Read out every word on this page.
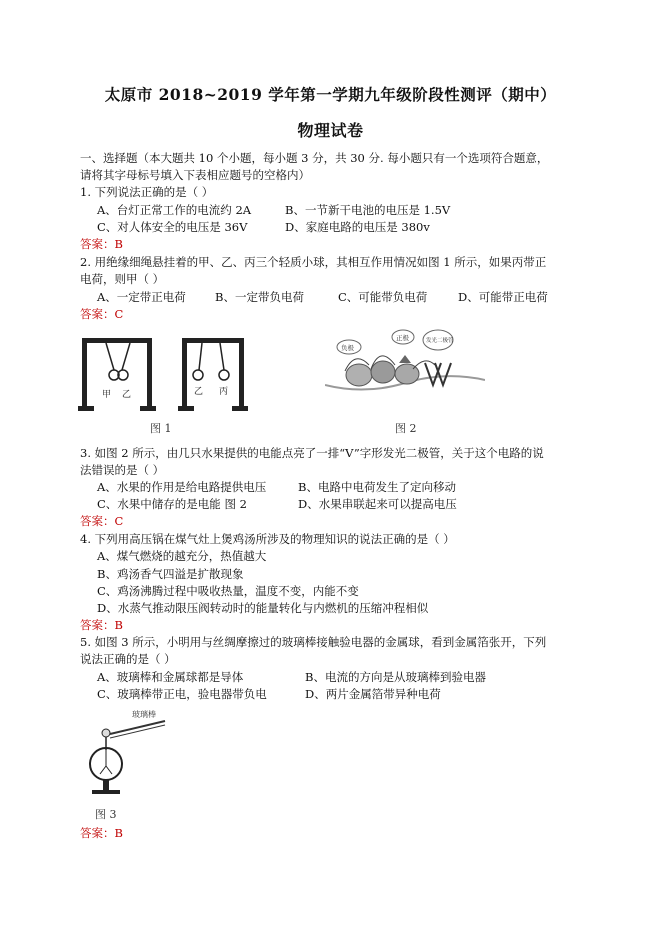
太原市 2018~2019 学年第一学期九年级阶段性测评（期中）
物理试卷
一、选择题（本大题共 10 个小题，每小题 3 分，共 30 分. 每小题只有一个选项符合题意，
请将其字母标号填入下表相应题号的空格内）
1. 下列说法正确的是（ ）
A、台灯正常工作的电流约 2A	B、一节新干电池的电压是 1.5V
C、对人体安全的电压是 36V	D、家庭电路的电压是 380v
答案：B
2. 用绝缘细绳悬挂着的甲、乙、丙三个轻质小球，其相互作用情况如图 1 所示，如果丙带正
电荷，则甲（ ）
A、一定带正电荷	B、一定带负电荷	C、可能带负电荷	D、可能带正电荷
答案：C
甲 乙	乙 丙
图 1
负极
正极	发光二极管
图 2
3. 如图 2 所示，由几只水果提供的电能点亮了一排“V”字形发光二极管，关于这个电路的说
法错误的是（ ）
A、水果的作用是给电路提供电压	B、电路中电荷发生了定向移动
C、水果中储存的是电能 图 2	D、水果串联起来可以提高电压
答案：C
4. 下列用高压锅在煤气灶上煲鸡汤所涉及的物理知识的说法正确的是（ ）
A、煤气燃烧的越充分，热值越大
B、鸡汤香气四溢是扩散现象
C、鸡汤沸腾过程中吸收热量，温度不变，内能不变
D、水蒸气推动限压阀转动时的能量转化与内燃机的压缩冲程相似
答案：B
5. 如图 3 所示，小明用与丝绸摩擦过的玻璃棒接触验电器的金属球，看到金属箔张开，下列
说法正确的是（ ）
A、玻璃棒和金属球都是导体	B、电流的方向是从玻璃棒到验电器
C、玻璃棒带正电，验电器带负电	D、两片金属箔带异种电荷
玻璃棒
图 3
答案：B
